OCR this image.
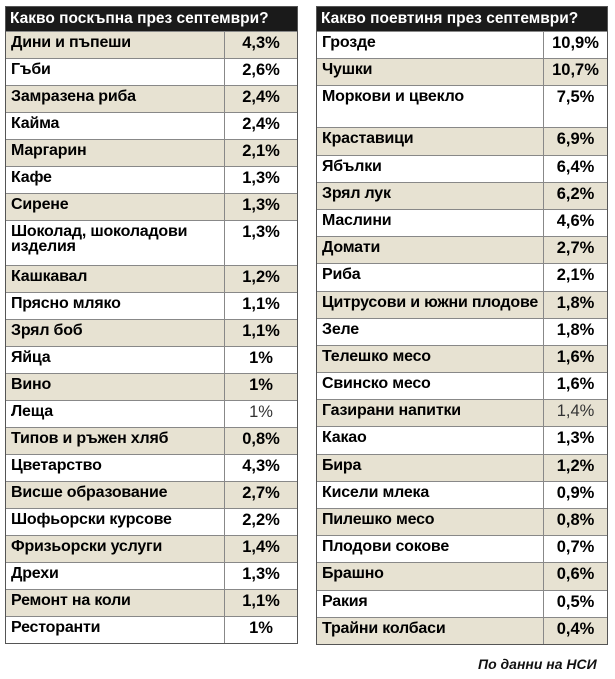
Какво поскъпна през септември?
Дини и пъпеши	4,3%
Гъби	2,6%
Замразена риба	2,4%
Кайма	2,4%
Маргарин	2,1%
Кафе	1,3%
Сирене	1,3%
Шоколад, шоколадови изделия
1,3%
Кашкавал	1,2%
Прясно мляко	1,1%
Зрял боб	1,1%
Яйца	1%
Вино	1%
Леща	1%
Типов и ръжен хляб	0,8%
Цветарство	4,3%
Висше образование	2,7%
Шофьорски курсове	2,2%
Фризьорски услуги	1,4%
Дрехи	1,3%
Ремонт на коли	1,1%
Ресторанти	1%
Какво поевтиня през септември?
Грозде	10,9%
Чушки	10,7%
Моркови и цвекло	7,5%
Краставици	6,9%
Ябълки	6,4%
Зрял лук	6,2%
Маслини	4,6%
Домати	2,7%
Риба	2,1%
Цитрусови и южни плодове	1,8%
Зеле	1,8%
Телешко месо	1,6%
Свинско месо	1,6%
Газирани напитки	1,4%
Какао	1,3%
Бира	1,2%
Кисели млека	0,9%
Пилешко месо	0,8%
Плодови сокове	0,7%
Брашно	0,6%
Ракия	0,5%
Трайни колбаси	0,4%
По данни на НСИ
